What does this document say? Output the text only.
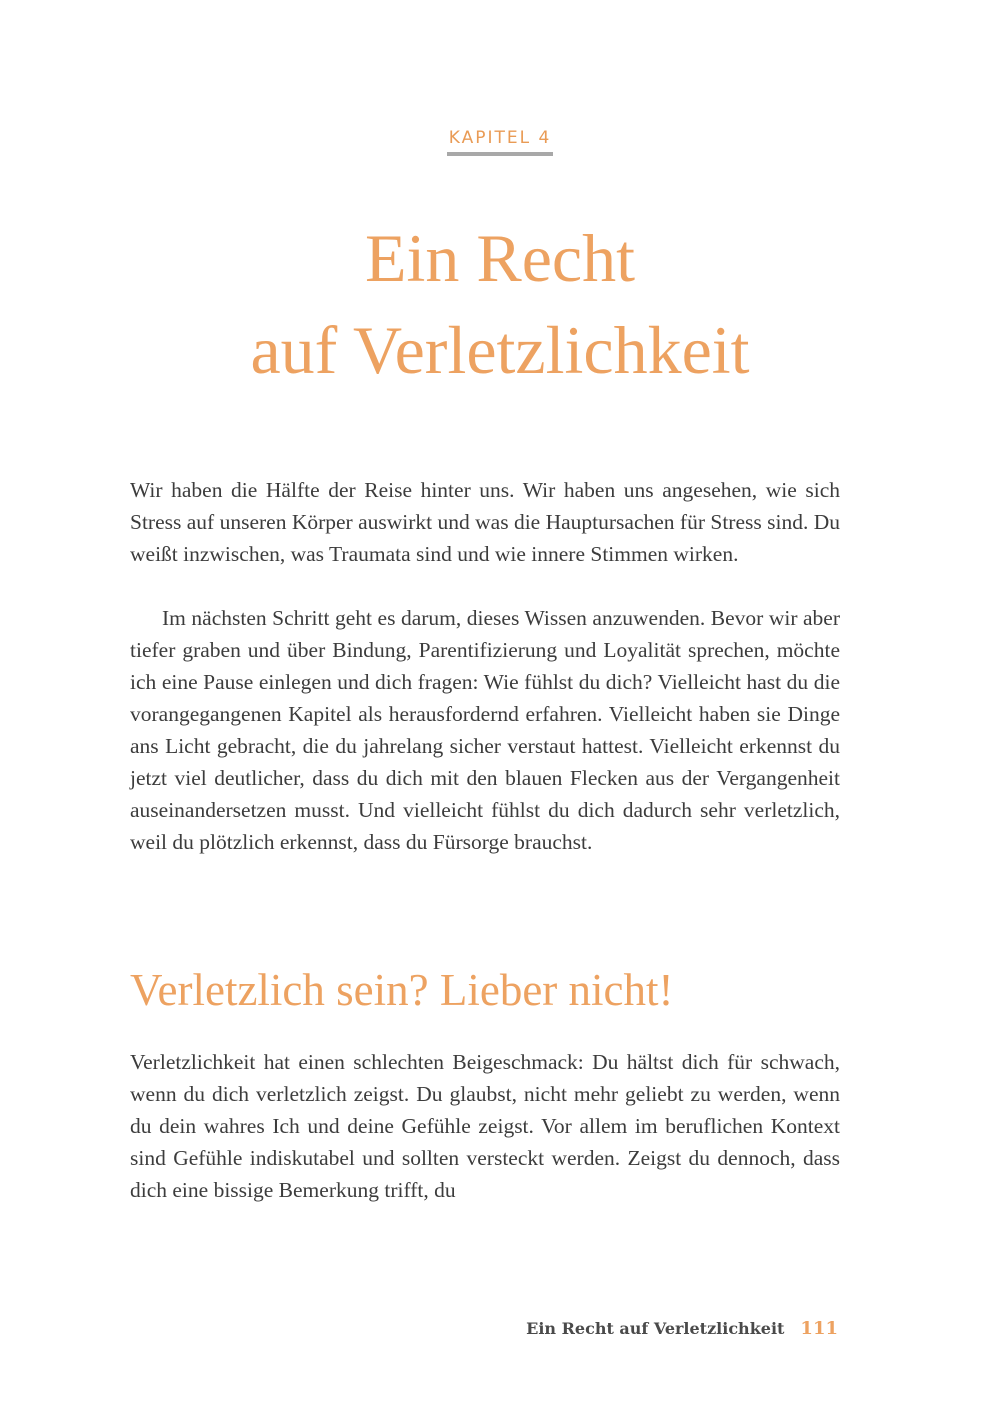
KAPITEL 4
Ein Recht
auf Verletzlichkeit

Wir haben die Hälfte der Reise hinter uns. Wir haben uns angesehen, wie sich Stress auf unseren Körper auswirkt und was die Hauptursachen für Stress sind. Du weißt inzwischen, was Traumata sind und wie innere Stimmen wirken.

Im nächsten Schritt geht es darum, dieses Wissen anzuwenden. Bevor wir aber tiefer graben und über Bindung, Parentifizierung und Loyalität sprechen, möchte ich eine Pause einlegen und dich fragen: Wie fühlst du dich? Vielleicht hast du die vorangegangenen Kapitel als herausfordernd erfahren. Vielleicht haben sie Dinge ans Licht gebracht, die du jahrelang sicher verstaut hattest. Vielleicht erkennst du jetzt viel deutlicher, dass du dich mit den blauen Flecken aus der Vergangenheit auseinandersetzen musst. Und vielleicht fühlst du dich dadurch sehr verletzlich, weil du plötzlich erkennst, dass du Fürsorge brauchst.

Verletzlich sein? Lieber nicht!

Verletzlichkeit hat einen schlechten Beigeschmack: Du hältst dich für schwach, wenn du dich verletzlich zeigst. Du glaubst, nicht mehr geliebt zu werden, wenn du dein wahres Ich und deine Gefühle zeigst. Vor allem im beruflichen Kontext sind Gefühle indiskutabel und sollten versteckt werden. Zeigst du dennoch, dass dich eine bissige Bemerkung trifft, du

Ein Recht auf Verletzlichkeit 111
